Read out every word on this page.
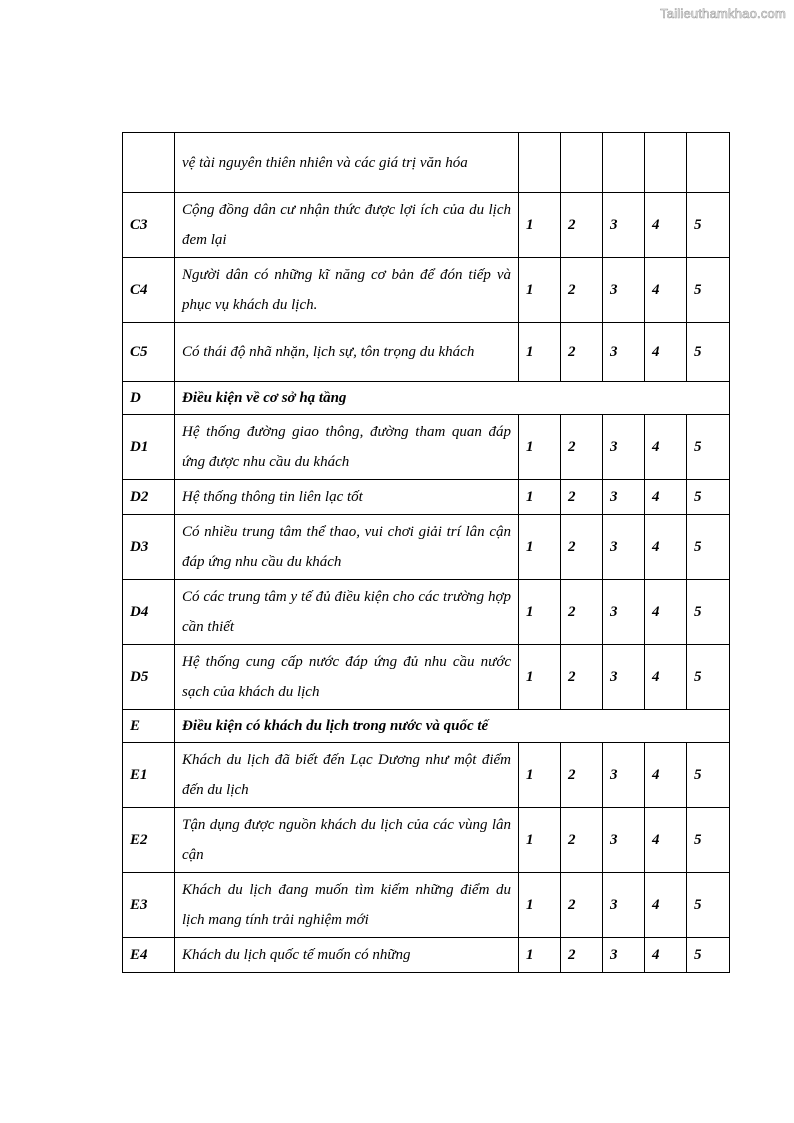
Tailieuthamkhao.com
	vệ tài nguyên thiên nhiên và các giá trị văn hóa					
C3	Cộng đồng dân cư nhận thức được lợi ích của du lịch đem lại	1	2	3	4	5
C4	Người dân có những kĩ năng cơ bản để đón tiếp và phục vụ khách du lịch.	1	2	3	4	5
C5	Có thái độ nhã nhặn, lịch sự, tôn trọng du khách	1	2	3	4	5
D	Điều kiện về cơ sở hạ tầng					
D1	Hệ thống đường giao thông, đường tham quan đáp ứng được nhu cầu du khách	1	2	3	4	5
D2	Hệ thống thông tin liên lạc tốt	1	2	3	4	5
D3	Có nhiều trung tâm thể thao, vui chơi giải trí lân cận đáp ứng nhu cầu du khách	1	2	3	4	5
D4	Có các trung tâm y tế đủ điều kiện cho các trường hợp cần thiết	1	2	3	4	5
D5	Hệ thống cung cấp nước đáp ứng đủ nhu cầu nước sạch của khách du lịch	1	2	3	4	5
E	Điều kiện có khách du lịch trong nước và quốc tế					
E1	Khách du lịch đã biết đến Lạc Dương như một điểm đến du lịch	1	2	3	4	5
E2	Tận dụng được nguồn khách du lịch của các vùng lân cận	1	2	3	4	5
E3	Khách du lịch đang muốn tìm kiếm những điểm du lịch mang tính trải nghiệm mới	1	2	3	4	5
E4	Khách du lịch quốc tế muốn có những	1	2	3	4	5
